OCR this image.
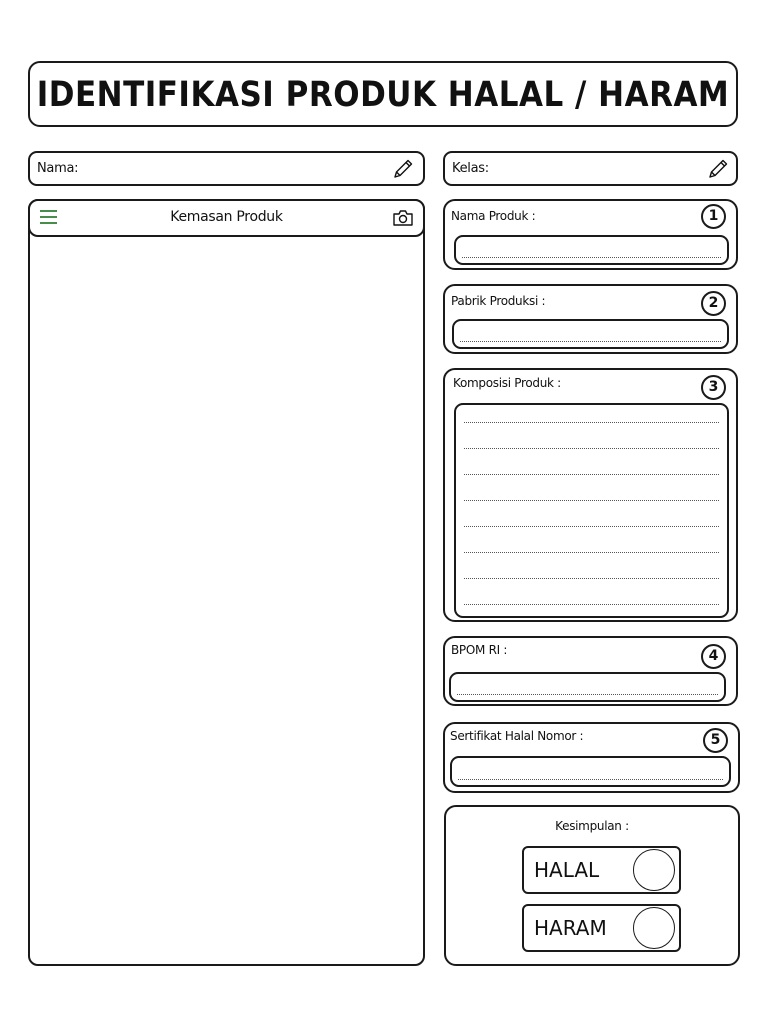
IDENTIFIKASI PRODUK HALAL / HARAM
Nama:	Kelas:
Kemasan Produk	Nama Produk :	1
Pabrik Produksi :	2
Komposisi Produk :	3
BPOM RI :	4
Sertifikat Halal Nomor :	5
Kesimpulan :
HALAL
HARAM
